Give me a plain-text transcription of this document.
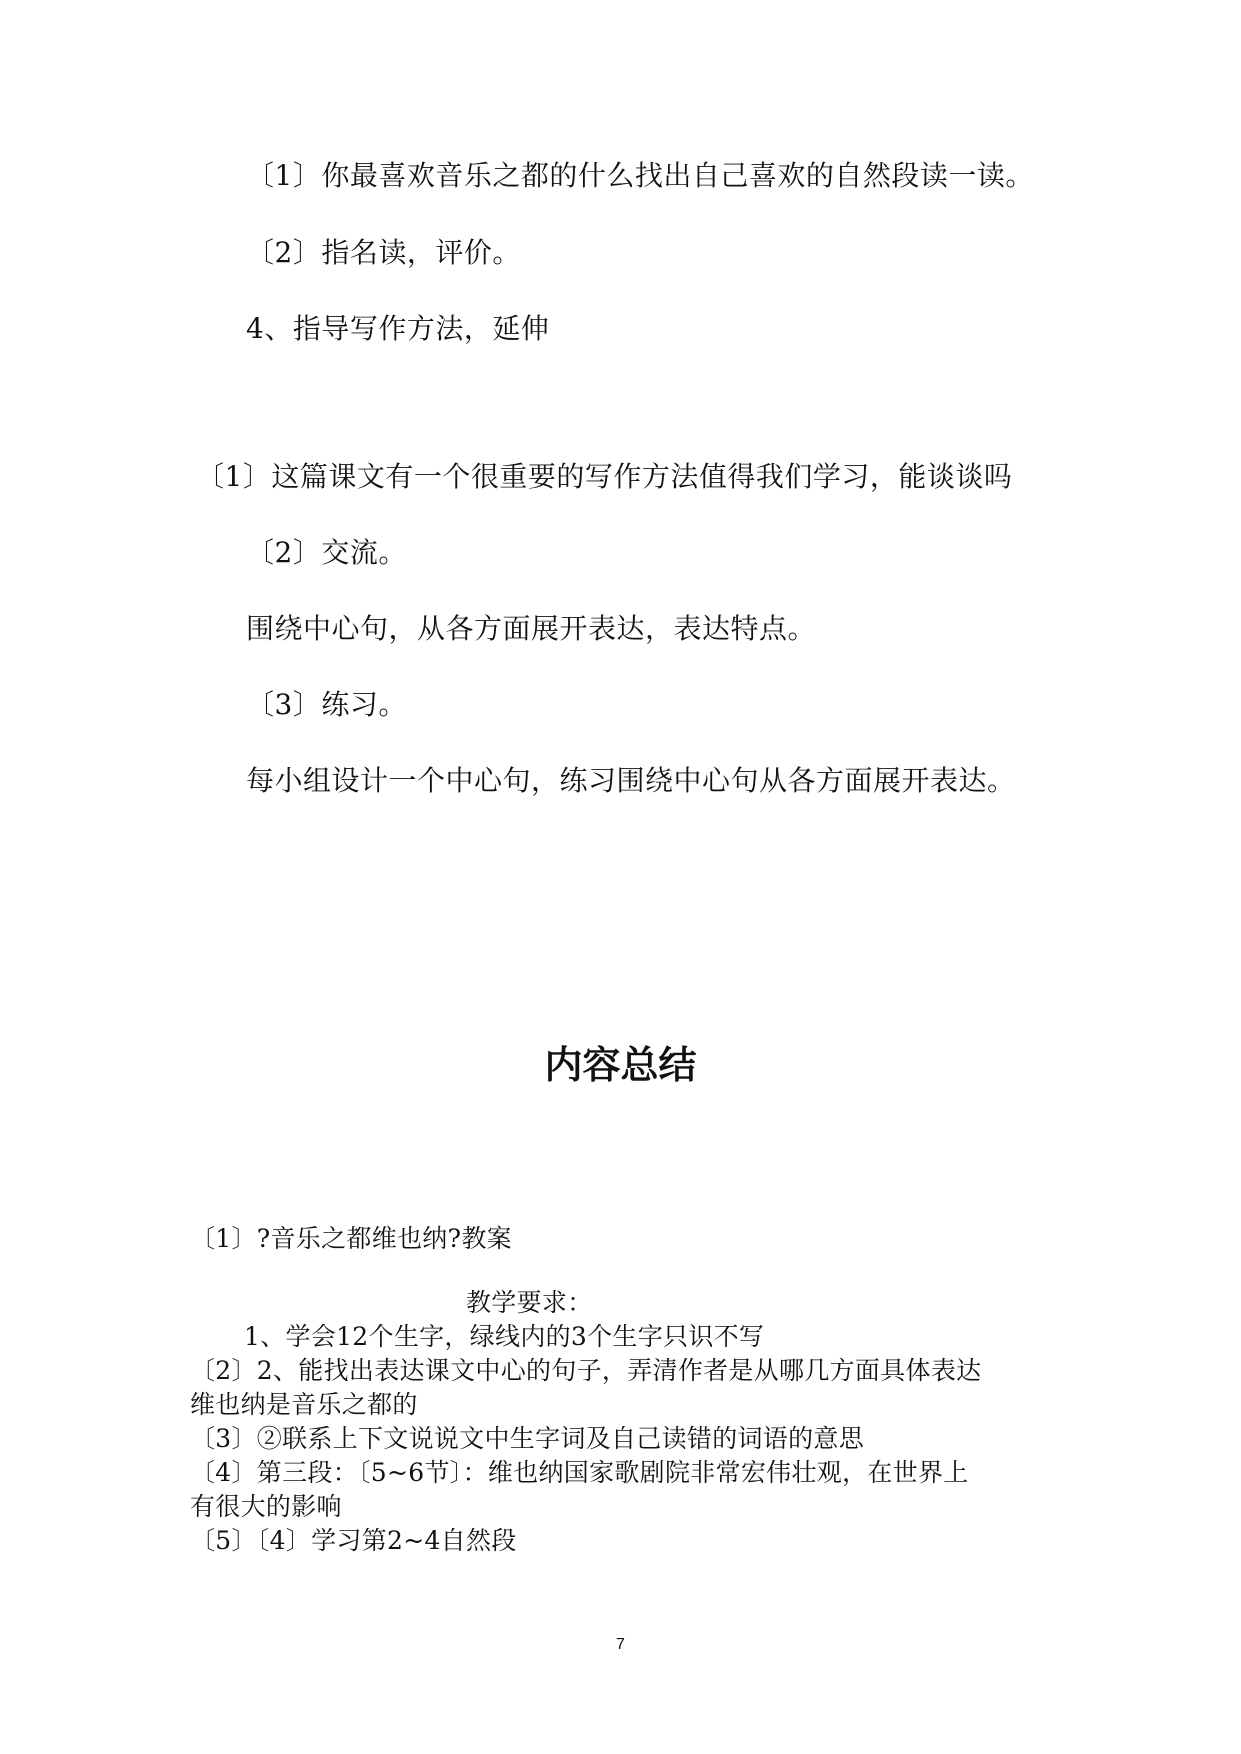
〔1〕你最喜欢音乐之都的什么找出自己喜欢的自然段读一读。
〔2〕指名读，评价。
4、指导写作方法，延伸
〔1〕这篇课文有一个很重要的写作方法值得我们学习，能谈谈吗
〔2〕交流。
围绕中心句，从各方面展开表达，表达特点。
〔3〕练习。
每小组设计一个中心句，练习围绕中心句从各方面展开表达。
内容总结
〔1〕?音乐之都维也纳?教案
教学要求：
1、学会12个生字，绿线内的3个生字只识不写
〔2〕2、能找出表达课文中心的句子，弄清作者是从哪几方面具体表达
维也纳是音乐之都的
〔3〕②联系上下文说说文中生字词及自己读错的词语的意思
〔4〕第三段：〔5~6节〕：维也纳国家歌剧院非常宏伟壮观，在世界上
有很大的影响
〔5〕〔4〕学习第2~4自然段
7
